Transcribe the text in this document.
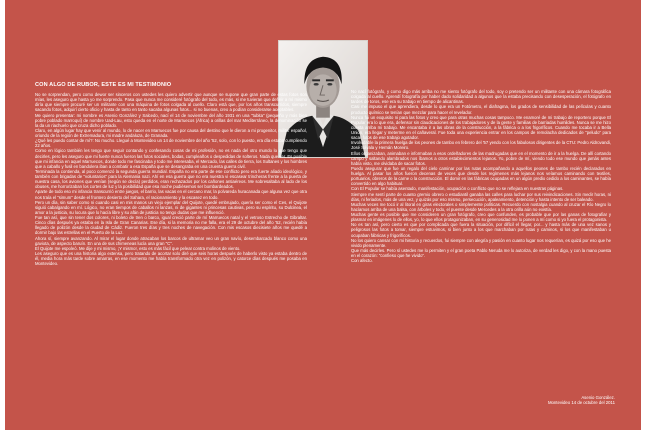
CON ALGO DE RUBOR, ESTE ES MI TESTIMONIO

No se sorprendan, pero como dewor ser sinceros con ustedes les quiero advertir que aunque se supone que gran parte de estas fotos son mías, les aseguro que hasta yo me sorprendo. Pasa que nunca me consideré fotógrafo del todo, es más, si me tuvieran que definir a mí mismo diría que siempre procuré ser un militante con una máquina de fotos colgada al cuello. Claro está que, por los años transcurridos, siempre sacando fotos, adquirí cierto oficio y hasta de tanto en tanto sacaba algunas fotos... si no buenas, creo a podían considerarse aceptables.

Me quiero presentar: mi nombre es Asenio González y Salcedo, nací el 14 de noviembre del año 1931 en una "tubita" (pequeño y más bien pobre poblado marroquí) de nombre Uad-Lau, esto queda en el norte de Marruecos (África) a orillas del mar Mediterráneo, la denominación se la da un riachuelo que cruza dicho poblado.

Claro, en algún lugar hay que venir al mundo, lo de nacer en Marruecos fue por causa del destino que le dieron a mi progenitor, militar español, oriundo de la región de Extremadura, mi madre andaluza, de Granada.

¿Qué les puedo contar de mí?: No mucho. Llegué a Montevideo un 14 de noviembre del año '52, solo, con lo puesto, era día estaba cumpliendo 22 años.

Como en lógico también les tengo que seguir contando y confesando cosas de mi profesión, no es nada del otro mundo lo que tengo que decirles, pero les aseguro que mi fuerte nunca fueron las fotos sociales, bodas, cumpleaños o despedidas de solteros. Nada que ver. Es posible que mi infancia en aquel Marruecos, donde todo me fascinaba y todo me interesaba, el Mercado, las calles de tierra, los Sultanes y los hombres que a caballo y fusil en bandolera iban a combatir a esa España que se desangraba en una cruenta guerra civil.

Terminada la contienda, al poco comenzó la segunda guerra mundial. España no era parte de ese conflicto pero era fuerte aliado ideológico, y también con brigadas de "voluntarios" para la Alemania nazi. Ahí en esa guerra que no era nuestra vi escasear trincheras frente a la puerta de nuestra casa, los aviones que venían (según se decía) perdidos, eran rechazados por los cañones antiaéreos. Me sobresaltaba al lado de los obuses, me horrorizaban los cortes de luz y la posibilidad que esa noche pudiésemos ser bombardeados.

Aparte de todo eso mi infancia transcurrió entre juegos, el barrio, las vacas en el cercano mar, la polvareda huracanada que alguna vez que otra nos traía el "simum" desde el frontero desierto del Sahara, el racionamiento y la escasez en todo.

Pero un día, sin saber como ni cuando casi en mis manos un viejo ejemplar del Quijote, quedé embrujado, quería ser como el Ces, el Quijote siguió cabalgando en mí. Lógico, no eran tiempos de caballos ni lanzas, ni de gigantes ni princesas cautivas, pero su espíritu, su Dulcinea, el amor a la justicia, su locura que lo hacía libre y su afán de justicia no tengo dudas que me influenció.

Fue tan así, que sin tener dos colores, ni boleto de tren o barco, igual creció parte de mí Marruecos natal y el vetroso Estrecho de Gibraltar. Cinco días después ya estaba en la Isla de Gran Canarias. Ese día, si la memoria no me falla, era el 29 de octubre del año '52, recién había llegado de polizón desde la ciudad de Cádiz. Fueron tres días y tres noches de navegación. Con mis escasos diecisiete años me quedé a dormir bajo las estrellas en el Puerto de la Luz.

Ahora sí, siempre avanzando. Al mirar el lugar donde atracaban los barcos de ultramar veo un gran navío, desembarcado blanco como una gaviota, de aspecto baruín. En una de sus chimeneas lucía una gran "C".

El Quijote me espoleó. Me dije y mi mismo, ¡Y mismo!, esto es más fácil que pelear contra molinos de viento.

Les aseguro que es una historia algo extensa, pero tratando de acortar solo diré que seis horas después de haberlo visto ya estaba dentro de él, media hora más tarde sobre amarras, en ese momento me había transformado otra vez en polizón, y catorce días después me posaba en Montevideo.

No nací fotógrafo, y como digo más arriba no me siento fotógrafo del todo, soy o pretendo ser un militante con una cámara fotográfica colgada al cuello. Aprendí fotografía por haber dado solidaridad a algunos que la estaba precisando con desesperación, el fotógrafo en tardes de toros, ese era su trabajo en tiempo de alicantinas.

Casi me impuso el que aprendiera, desde lo que era un Fotómetro, el diafragma, los grados de sensibilidad de las películas y cuanto producto químico se tenían que mezclar para hacer el revelador.

Nunca fui un exquisito ni para las fotos y creo que para otras muchas cosas tampoco. Me enamoré de mi trabajo de reportero porque El Popular era lo que era, defensor sin claudicaciones de los trabajadores y de la gente y familias de barriadas humildes. Nunca se me hizo cuesta arriba mi trabajo. Me encantaba ir a las obras de la construcción, a la fábrica o a los frigoríficos. Cuando me tocaba ir a Bella Unión, era llegar y meterme en el cañaveral. Fue toda una experiencia entrar en los campos de remolacha dedicados de "peludo" para sacar fotos de ese trabajo agotador.

Involvidable la primera huelga de los peones de tambo en febrero del '57 yendo con los fabulosos dirigentes de la CTU: Pedro Aldrovandi, José Sávala y Hernán Moreiro.

Ellos organizaban, animaban e informaban a esos ordeñadores de las madrugadas que en el momento de ir a la huelga. De allí cortando campo y saltando alambrados nos íbamos a otros establecimientos lejanos. Yo, pobre de mí, viendo todo ese mundo que jamás antes había visto, me olvidaba de sacar fotos.

Puedo asegurar que fue un regalo del cielo caminar por las rutas acompañando a aquellos peones de tambo recién declarados en huelga. Al pasar los años fueron decenas de veces que desde los regímenes más lejanos nos veíamos caminando con textiles, portuarios, obreros de la carne o la construcción. El domir en las fábricas ocupadas en un algún predio cedido a los caminantes, se había convertido en algo habitual.

Con El Popular se había asentado, manifestación, ocupación o conflicto que no se reflejara en nuestras páginas.

Siempre me sentí parte de cuanto gremio obrero o estudiantil ganaba las calles para luchar por sus reivindicaciones. Sin medir horas, ni días, ni feriados, más de una vez, y quizás por eso mismo, persecución, apaleamiento, detención y hasta intento de ser baleado.

Muchas veces me tocó ir al litoral en giras electorales o simplemente políticas. Recuerdo con nostalgia cuando al cruzar el Río Negro lo hacíamos arriba de una balsa, con árboles y todo, el puente desde Mercedes a la otra orilla aún no existía.

Muchas gente es posible que me consideren un gran fotógrafo, creo que confunden, es probable que por las ganas de fotografiar y plasmar en imágenes lo de ellos, yo, lo que ellos protagonizaban, en su generosidad me lo ponen a mí como si yo fuera el protagonista.

No es tan así, pero cierto es que por complicada que fuera la situación, por difícil el llegar, por... y hasta más de una vez sanos y peligrosos las fotos a tomar, siempre estuvimos, si bien junto a los que marchaban por rutas y caminos, si los que manifestaban u ocupaban fábricas y frigoríficos.

No los quiero cansar con mi historia y recuerdos, fui siempre con alegría y pasión en cuanto lugar nos requerían, es quizá por eso que he vivido plenamente.

Que más decirles. Pero sí ustedes me lo permiten y el gran poeta Pablo Neruda me lo autoriza, de verdad les digo, y con la mano puesta en el corazón: "confieso que he vivido".

Con afecto.

Asenio González.
Montevideo 14 de octubre del 2011
